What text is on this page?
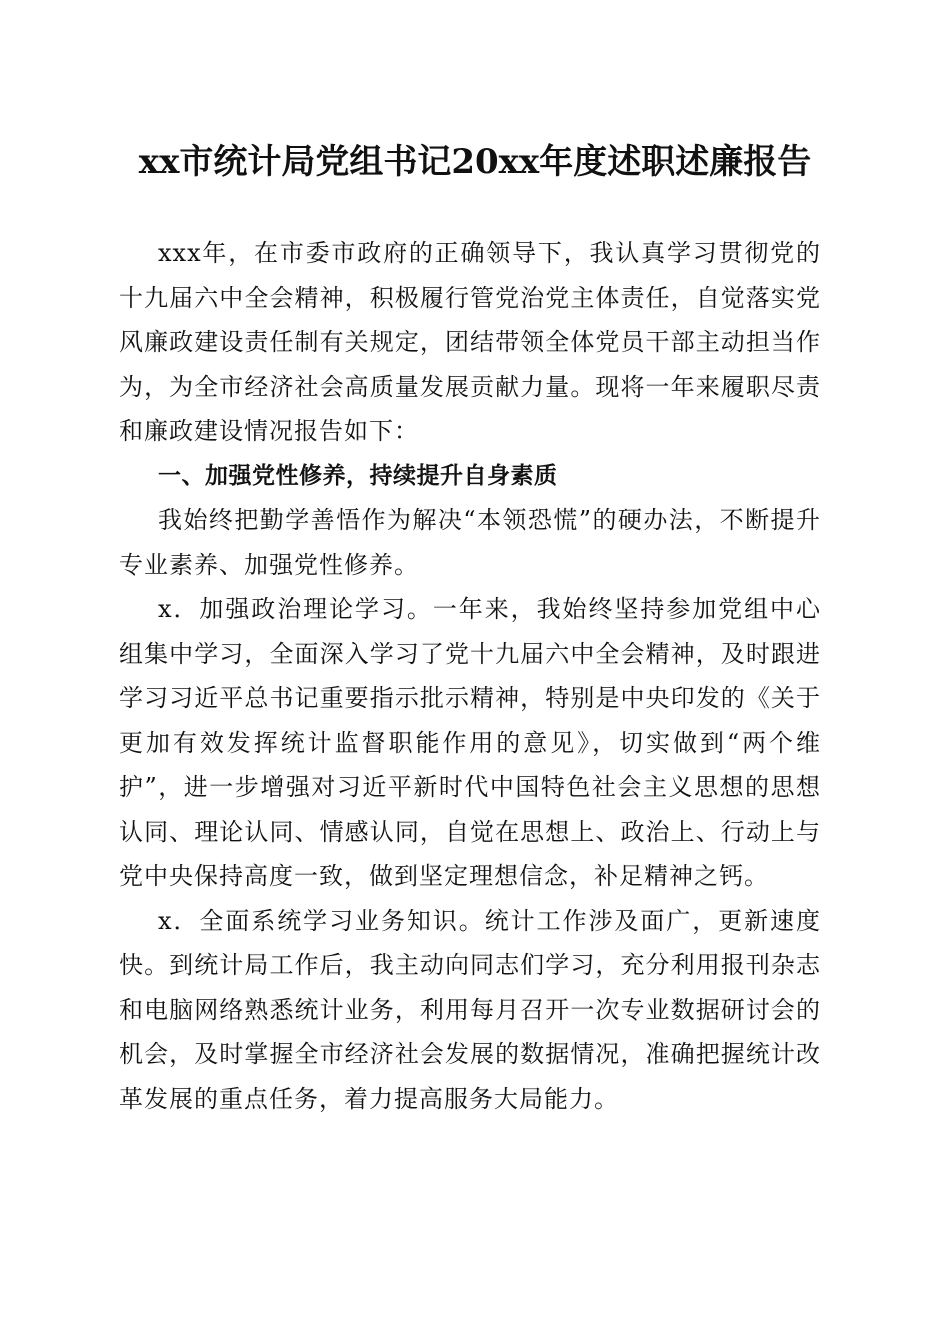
xx市统计局党组书记20xx年度述职述廉报告

xxx年，在市委市政府的正确领导下，我认真学习贯彻党的十九届六中全会精神，积极履行管党治党主体责任，自觉落实党风廉政建设责任制有关规定，团结带领全体党员干部主动担当作为，为全市经济社会高质量发展贡献力量。现将一年来履职尽责和廉政建设情况报告如下：

一、加强党性修养，持续提升自身素质

我始终把勤学善悟作为解决“本领恐慌”的硬办法，不断提升专业素养、加强党性修养。

x．加强政治理论学习。一年来，我始终坚持参加党组中心组集中学习，全面深入学习了党十九届六中全会精神，及时跟进学习习近平总书记重要指示批示精神，特别是中央印发的《关于更加有效发挥统计监督职能作用的意见》，切实做到“两个维护”，进一步增强对习近平新时代中国特色社会主义思想的思想认同、理论认同、情感认同，自觉在思想上、政治上、行动上与党中央保持高度一致，做到坚定理想信念，补足精神之钙。

x．全面系统学习业务知识。统计工作涉及面广，更新速度快。到统计局工作后，我主动向同志们学习，充分利用报刊杂志和电脑网络熟悉统计业务，利用每月召开一次专业数据研讨会的机会，及时掌握全市经济社会发展的数据情况，准确把握统计改革发展的重点任务，着力提高服务大局能力。
